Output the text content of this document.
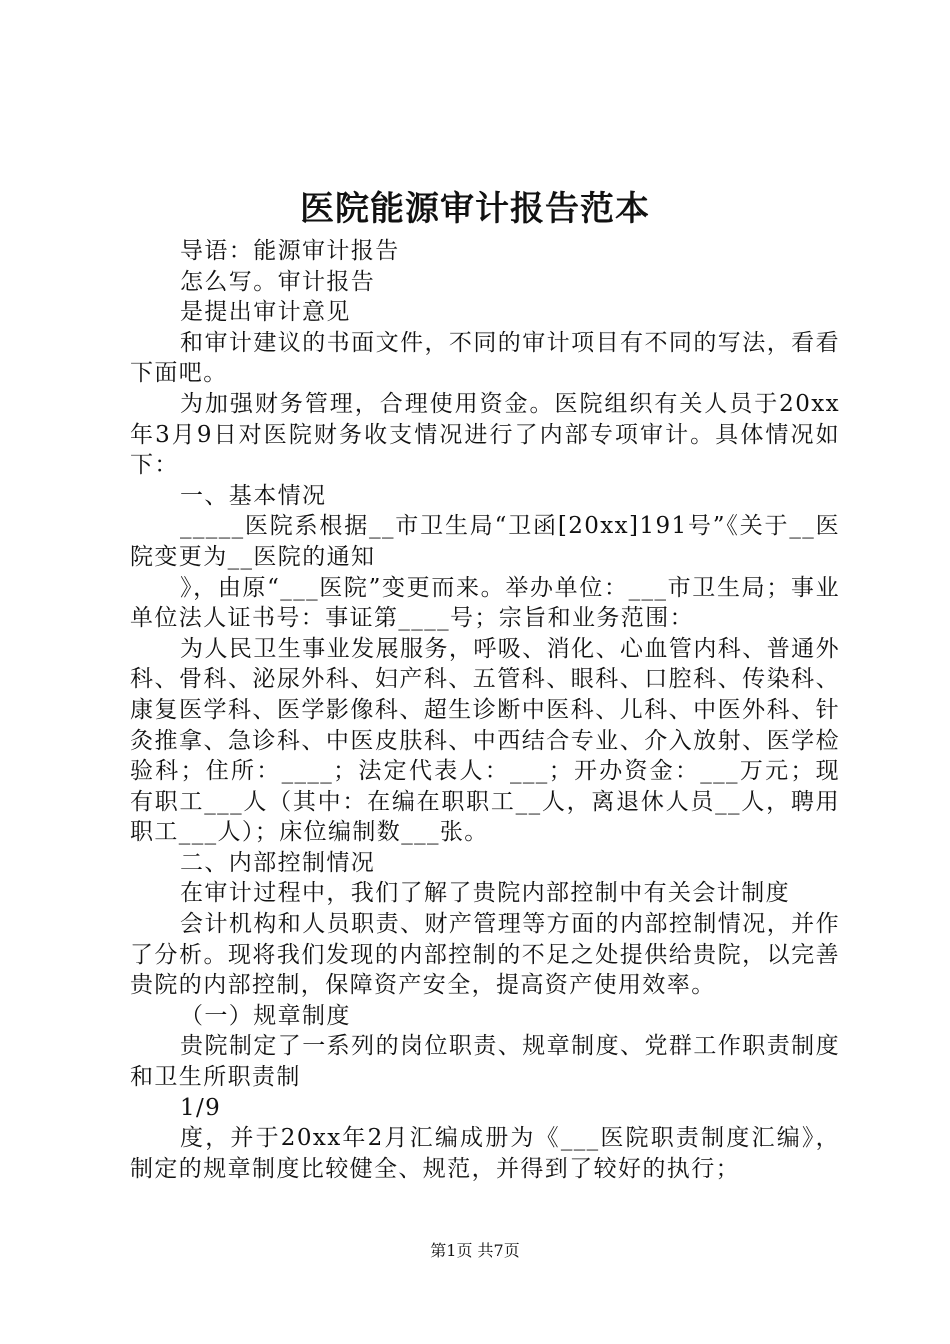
医院能源审计报告范本

导语：能源审计报告

怎么写。审计报告

是提出审计意见

和审计建议的书面文件，不同的审计项目有不同的写法，看看下面吧。

为加强财务管理，合理使用资金。医院组织有关人员于20xx年3月9日对医院财务收支情况进行了内部专项审计。具体情况如下：

一、基本情况

_____医院系根据__市卫生局“卫函[20xx]191号”《关于__医院变更为__医院的通知

》，由原“___医院”变更而来。举办单位：___市卫生局；事业单位法人证书号：事证第____号；宗旨和业务范围：

为人民卫生事业发展服务，呼吸、消化、心血管内科、普通外科、骨科、泌尿外科、妇产科、五管科、眼科、口腔科、传染科、康复医学科、医学影像科、超生诊断中医科、儿科、中医外科、针灸推拿、急诊科、中医皮肤科、中西结合专业、介入放射、医学检验科；住所：____；法定代表人：___；开办资金：___万元；现有职工___人（其中：在编在职职工__人，离退休人员__人，聘用职工___人）；床位编制数___张。

二、内部控制情况

在审计过程中，我们了解了贵院内部控制中有关会计制度

会计机构和人员职责、财产管理等方面的内部控制情况，并作了分析。现将我们发现的内部控制的不足之处提供给贵院，以完善贵院的内部控制，保障资产安全，提高资产使用效率。

（一）规章制度

贵院制定了一系列的岗位职责、规章制度、党群工作职责制度和卫生所职责制

1/9

度，并于20xx年2月汇编成册为《___医院职责制度汇编》，制定的规章制度比较健全、规范，并得到了较好的执行；

第1页 共7页
